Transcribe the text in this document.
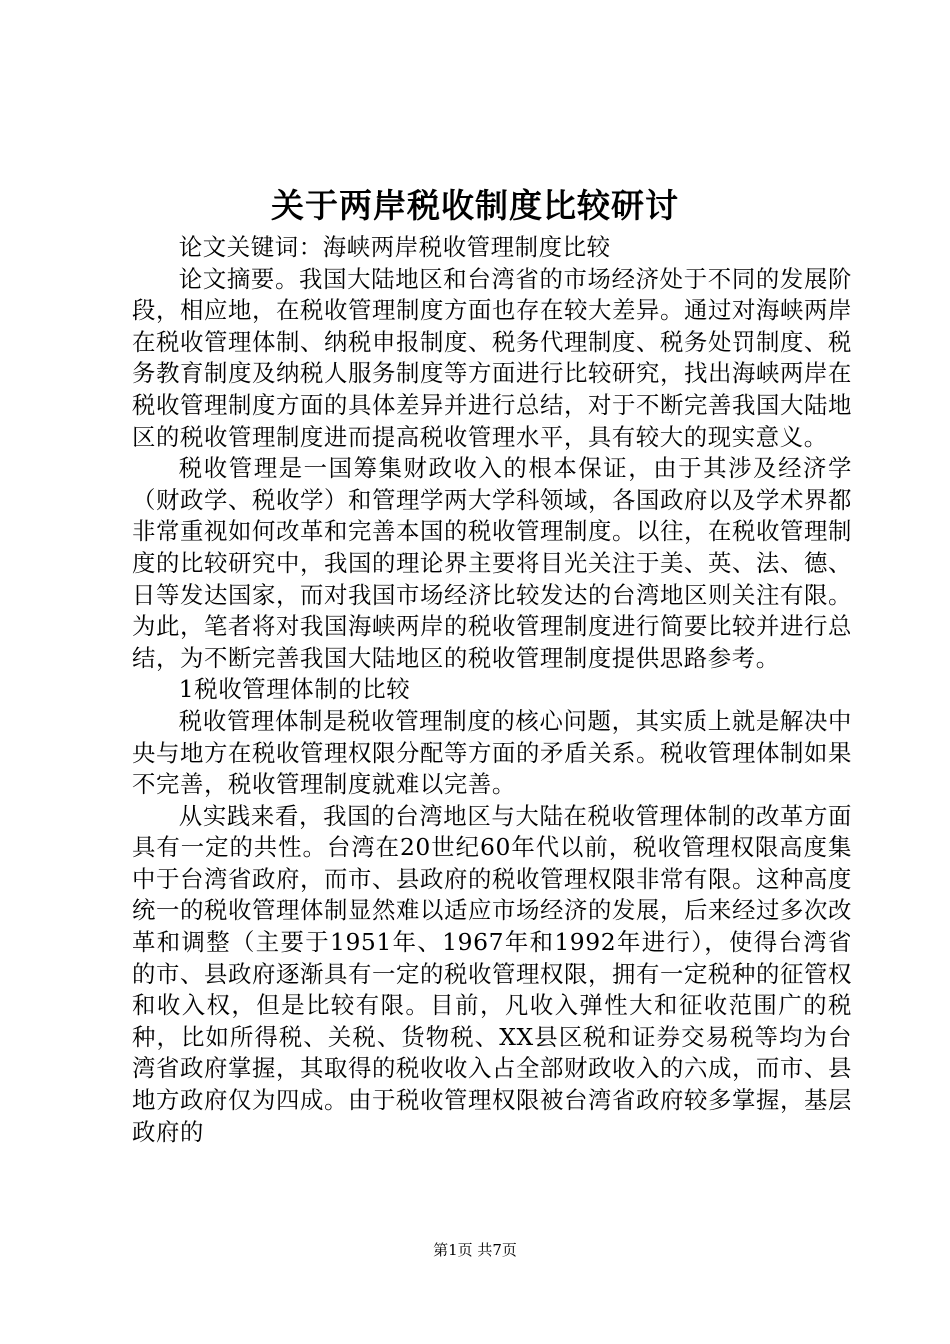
关于两岸税收制度比较研讨

论文关键词：海峡两岸税收管理制度比较

论文摘要。我国大陆地区和台湾省的市场经济处于不同的发展阶段，相应地，在税收管理制度方面也存在较大差异。通过对海峡两岸在税收管理体制、纳税申报制度、税务代理制度、税务处罚制度、税务教育制度及纳税人服务制度等方面进行比较研究，找出海峡两岸在税收管理制度方面的具体差异并进行总结，对于不断完善我国大陆地区的税收管理制度进而提高税收管理水平，具有较大的现实意义。

税收管理是一国筹集财政收入的根本保证，由于其涉及经济学（财政学、税收学）和管理学两大学科领域，各国政府以及学术界都非常重视如何改革和完善本国的税收管理制度。以往，在税收管理制度的比较研究中，我国的理论界主要将目光关注于美、英、法、德、日等发达国家，而对我国市场经济比较发达的台湾地区则关注有限。为此，笔者将对我国海峡两岸的税收管理制度进行简要比较并进行总结，为不断完善我国大陆地区的税收管理制度提供思路参考。

1税收管理体制的比较

税收管理体制是税收管理制度的核心问题，其实质上就是解决中央与地方在税收管理权限分配等方面的矛盾关系。税收管理体制如果不完善，税收管理制度就难以完善。

从实践来看，我国的台湾地区与大陆在税收管理体制的改革方面具有一定的共性。台湾在20世纪60年代以前，税收管理权限高度集中于台湾省政府，而市、县政府的税收管理权限非常有限。这种高度统一的税收管理体制显然难以适应市场经济的发展，后来经过多次改革和调整（主要于1951年、1967年和1992年进行），使得台湾省的市、县政府逐渐具有一定的税收管理权限，拥有一定税种的征管权和收入权，但是比较有限。目前，凡收入弹性大和征收范围广的税种，比如所得税、关税、货物税、XX县区税和证券交易税等均为台湾省政府掌握，其取得的税收收入占全部财政收入的六成，而市、县地方政府仅为四成。由于税收管理权限被台湾省政府较多掌握，基层政府的

第1页 共7页
